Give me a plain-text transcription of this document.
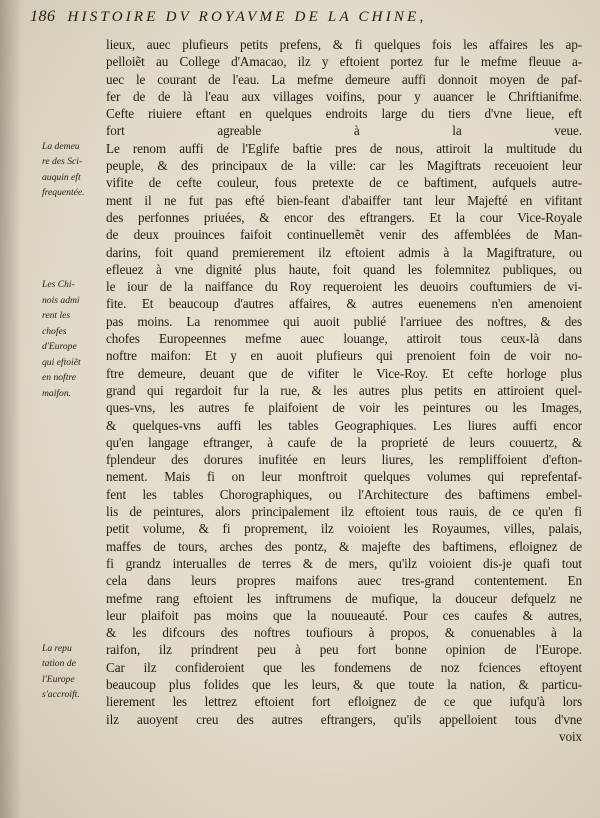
186 HISTOIRE DV ROYAVME DE LA CHINE,
La demeu
re des Sci-
auquin eft
frequentée.
Les Chi-
nois admi
rent les
chofes
d'Europe
qui eftoiẽt
en noftre
maifon.
La repu
tation de
l'Europe
s'accroift.
lieux, auec plufieurs petits prefens, & fi quelques fois les affaires les ap-
pelloiẽt au College d'Amacao, ilz y eftoient portez fur le mefme fleuue a-
uec le courant de l'eau. La mefme demeure auffi donnoit moyen de paf-
fer de de là l'eau aux villages voifins, pour y auancer le Chriftianifme.
Cefte riuiere eftant en quelques endroits large du tiers d'vne lieue, eft
fort agreable à la veue.
Le renom auffi de l'Eglife baftie pres de nous, attiroit la multitude du
peuple, & des principaux de la ville: car les Magiftrats receuoient leur
vifite de cefte couleur, fous pretexte de ce baftiment, aufquels autre-
ment il ne fut pas efté bien-feant d'abaiffer tant leur Majefté en vifitant
des perfonnes priuées, & encor des eftrangers. Et la cour Vice-Royale
de deux prouinces faifoit continuellemẽt venir des affemblées de Man-
darins, foit quand premierement ilz eftoient admis à la Magiftrature, ou
efleuez à vne dignité plus haute, foit quand les folemnitez publiques, ou
le iour de la naiffance du Roy requeroient les deuoirs couftumiers de vi-
fite. Et beaucoup d'autres affaires, & autres euenemens n'en amenoient
pas moins. La renommee qui auoit publié l'arriuee des noftres, & des
chofes Europeennes mefme auec louange, attiroit tous ceux-là dans
noftre maifon: Et y en auoit plufieurs qui prenoient foin de voir no-
ftre demeure, deuant que de vifiter le Vice-Roy. Et cefte horloge plus
grand qui regardoit fur la rue, & les autres plus petits en attiroient quel-
ques-vns, les autres fe plaifoient de voir les peintures ou les Images,
& quelques-vns auffi les tables Geographiques. Les liures auffi encor
qu'en langage eftranger, à caufe de la proprieté de leurs couuertz, &
fplendeur des dorures inufitée en leurs liures, les rempliffoient d'efton-
nement. Mais fi on leur monftroit quelques volumes qui reprefentaf-
fent les tables Chorographiques, ou l'Architecture des baftimens embel-
lis de peintures, alors principalement ilz eftoient tous rauis, de ce qu'en fi
petit volume, & fi proprement, ilz voioient les Royaumes, villes, palais,
maffes de tours, arches des pontz, & majefte des baftimens, efloignez de
fi grandz interualles de terres & de mers, qu'ilz voioient dis-je quafi tout
cela dans leurs propres maifons auec tres-grand contentement. En
mefme rang eftoient les inftrumens de mufique, la douceur defquelz ne
leur plaifoit pas moins que la nouueauté. Pour ces caufes & autres,
& les difcours des noftres toufiours à propos, & conuenables à la
raifon, ilz prindrent peu à peu fort bonne opinion de l'Europe.
Car ilz confideroient que les fondemens de noz fciences eftoyent
beaucoup plus folides que les leurs, & que toute la nation, & particu-
lierement les lettrez eftoient fort efloignez de ce que iufqu'à lors
ilz auoyent creu des autres eftrangers, qu'ils appelloient tous d'vne
voix
